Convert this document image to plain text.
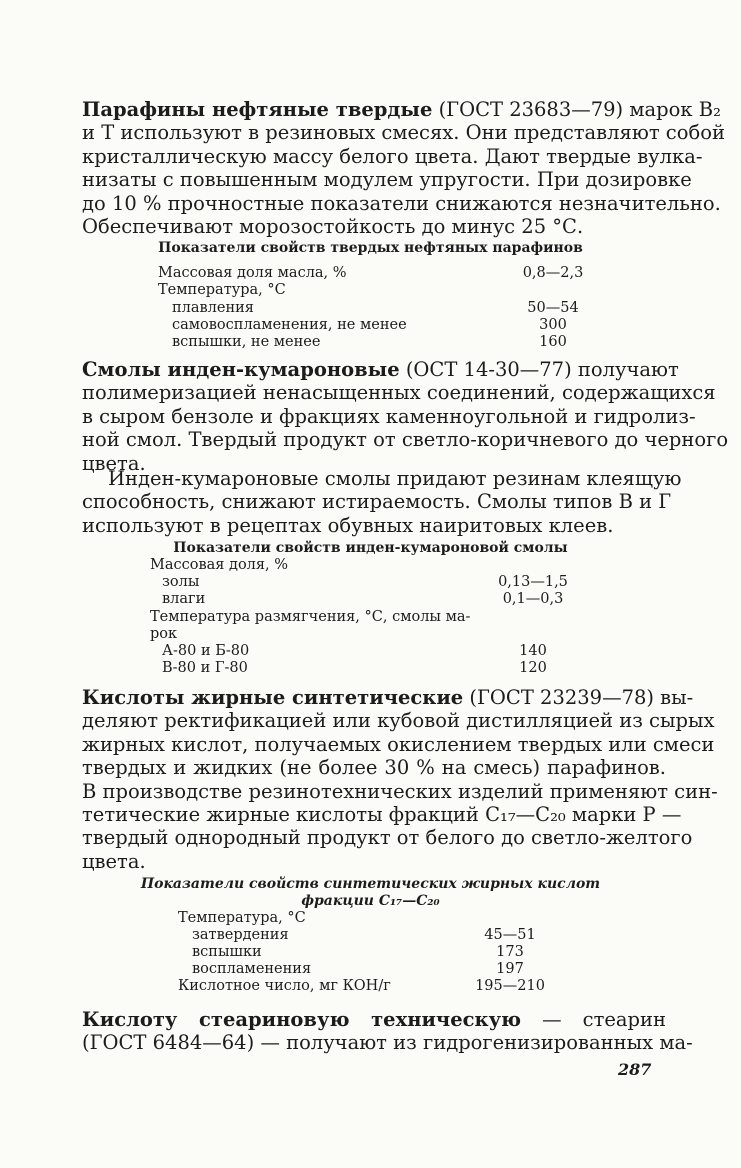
Парафины нефтяные твердые (ГОСТ 23683—79) марок В₂
и Т используют в резиновых смесях. Они представляют собой
кристаллическую массу белого цвета. Дают твердые вулка-
низаты с повышенным модулем упругости. При дозировке
до 10 % прочностные показатели снижаются незначительно.
Обеспечивают морозостойкость до минус 25 °С.
Показатели свойств твердых нефтяных парафинов
Массовая доля масла, %	0,8—2,3
Температура, °С
плавления	50—54
самовоспламенения, не менее	300
вспышки, не менее	160
Смолы инден-кумароновые (ОСТ 14-30—77) получают
полимеризацией ненасыщенных соединений, содержащихся
в сыром бензоле и фракциях каменноугольной и гидролиз-
ной смол. Твердый продукт от светло-коричневого до черного
цвета.
Инден-кумароновые смолы придают резинам клеящую
способность, снижают истираемость. Смолы типов В и Г
используют в рецептах обувных наиритовых клеев.
Показатели свойств инден-кумароновой смолы
Массовая доля, %
золы	0,13—1,5
влаги	0,1—0,3
Температура размягчения, °С, смолы ма-
рок
А-80 и Б-80	140
В-80 и Г-80	120
Кислоты жирные синтетические (ГОСТ 23239—78) вы-
деляют ректификацией или кубовой дистилляцией из сырых
жирных кислот, получаемых окислением твердых или смеси
твердых и жидких (не более 30 % на смесь) парафинов.
В производстве резинотехнических изделий применяют син-
тетические жирные кислоты фракций С₁₇—С₂₀ марки Р —
твердый однородный продукт от белого до светло-желтого
цвета.
Показатели свойств синтетических жирных кислот
фракции С₁₇—С₂₀
Температура, °С
затвердения	45—51
вспышки	173
воспламенения	197
Кислотное число, мг КОН/г	195—210
Кислоту стеариновую техническую — стеарин
(ГОСТ 6484—64) — получают из гидрогенизированных ма-
287
